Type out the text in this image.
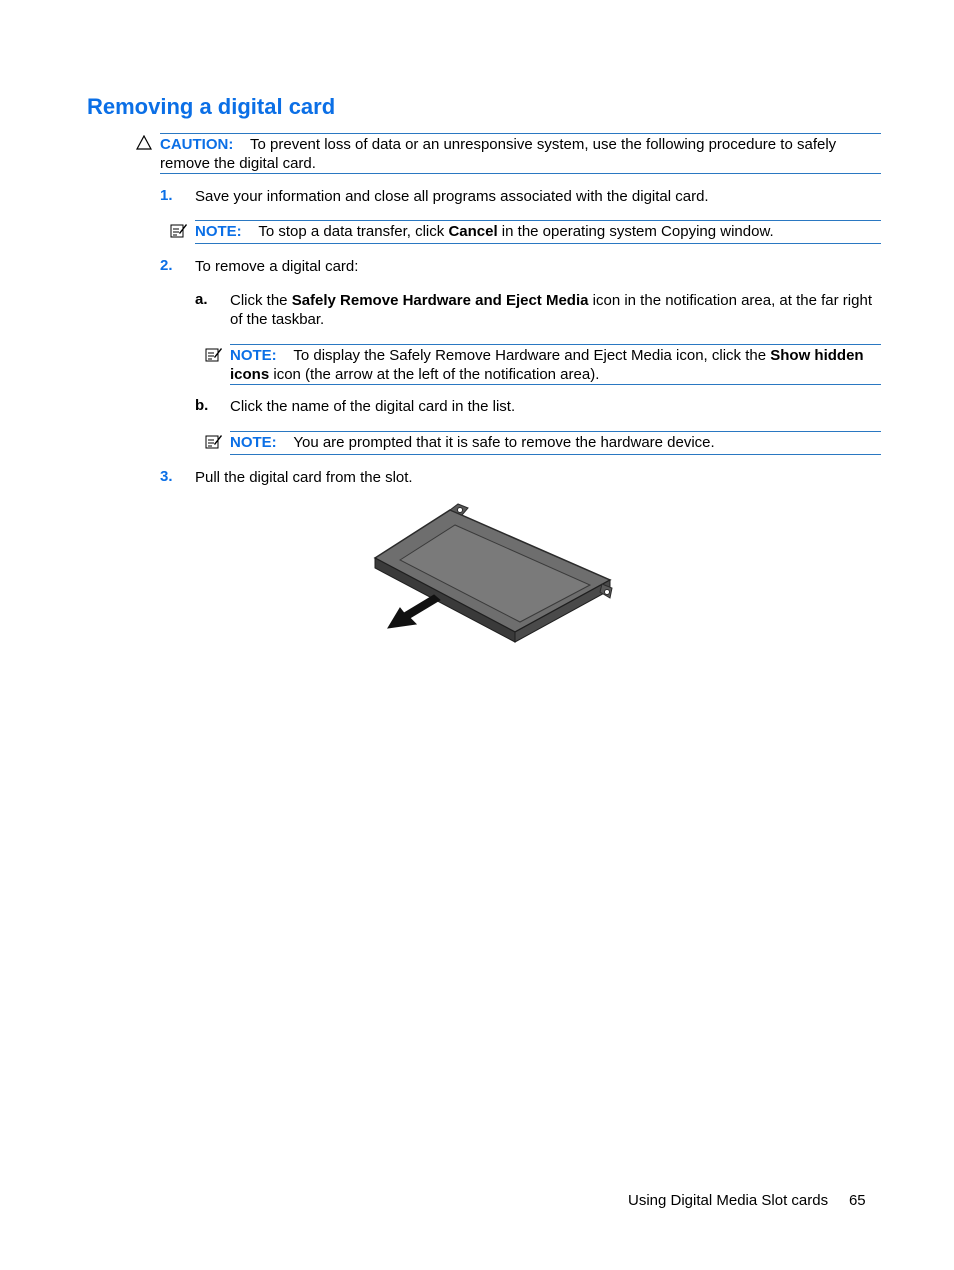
Removing a digital card
CAUTION: To prevent loss of data or an unresponsive system, use the following procedure to safely remove the digital card.
1. Save your information and close all programs associated with the digital card.
NOTE: To stop a data transfer, click Cancel in the operating system Copying window.
2. To remove a digital card:
a. Click the Safely Remove Hardware and Eject Media icon in the notification area, at the far right of the taskbar.
NOTE: To display the Safely Remove Hardware and Eject Media icon, click the Show hidden icons icon (the arrow at the left of the notification area).
b. Click the name of the digital card in the list.
NOTE: You are prompted that it is safe to remove the hardware device.
3. Pull the digital card from the slot.
Using Digital Media Slot cards 65
